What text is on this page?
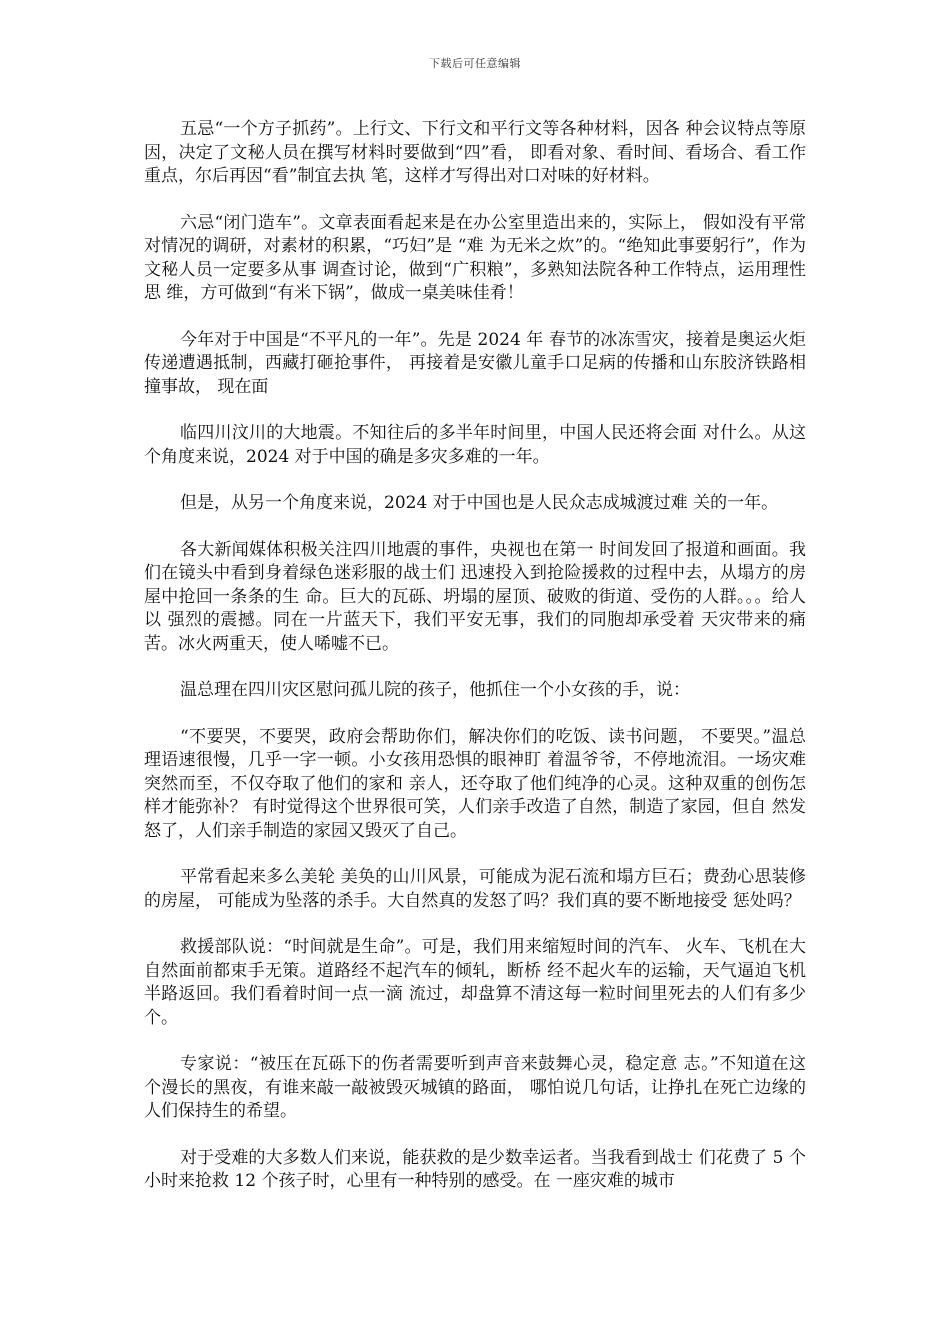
下载后可任意编辑

五忌“一个方子抓药”。上行文、下行文和平行文等各种材料，因各 种会议特点等原因，决定了文秘人员在撰写材料时要做到“四”看， 即看对象、看时间、看场合、看工作重点，尔后再因“看”制宜去执 笔，这样才写得出对口对味的好材料。

六忌“闭门造车”。文章表面看起来是在办公室里造出来的，实际上， 假如没有平常对情况的调研，对素材的积累，“巧妇”是 “难 为无米之炊”的。“绝知此事要躬行”，作为文秘人员一定要多从事 调查讨论，做到“广积粮”，多熟知法院各种工作特点，运用理性思 维，方可做到“有米下锅”，做成一桌美味佳肴！

今年对于中国是“不平凡的一年”。先是 2024 年 春节的冰冻雪灾，接着是奥运火炬传递遭遇抵制，西藏打砸抢事件， 再接着是安徽儿童手口足病的传播和山东胶济铁路相撞事故， 现在面

临四川汶川的大地震。不知往后的多半年时间里，中国人民还将会面 对什么。从这个角度来说，2024 对于中国的确是多灾多难的一年。

但是，从另一个角度来说，2024 对于中国也是人民众志成城渡过难 关的一年。

各大新闻媒体积极关注四川地震的事件，央视也在第一 时间发回了报道和画面。我们在镜头中看到身着绿色迷彩服的战士们 迅速投入到抢险援救的过程中去，从塌方的房屋中抢回一条条的生 命。巨大的瓦砾、坍塌的屋顶、破败的街道、受伤的人群。。。给人以 强烈的震撼。同在一片蓝天下，我们平安无事，我们的同胞却承受着 天灾带来的痛苦。冰火两重天，使人唏嘘不已。

温总理在四川灾区慰问孤儿院的孩子，他抓住一个小女孩的手，说：

“不要哭，不要哭，政府会帮助你们，解决你们的吃饭、读书问题， 不要哭。”温总理语速很慢，几乎一字一顿。小女孩用恐惧的眼神盯 着温爷爷，不停地流泪。一场灾难突然而至，不仅夺取了他们的家和 亲人，还夺取了他们纯净的心灵。这种双重的创伤怎样才能弥补？ 有时觉得这个世界很可笑，人们亲手改造了自然，制造了家园，但自 然发怒了，人们亲手制造的家园又毁灭了自己。

平常看起来多么美轮 美奂的山川风景，可能成为泥石流和塌方巨石；费劲心思装修的房屋， 可能成为坠落的杀手。大自然真的发怒了吗？我们真的要不断地接受 惩处吗？

救援部队说：“时间就是生命”。可是，我们用来缩短时间的汽车、 火车、飞机在大自然面前都束手无策。道路经不起汽车的倾轧，断桥 经不起火车的运输，天气逼迫飞机半路返回。我们看着时间一点一滴 流过，却盘算不清这每一粒时间里死去的人们有多少个。

专家说：“被压在瓦砾下的伤者需要听到声音来鼓舞心灵，稳定意 志。”不知道在这个漫长的黑夜，有谁来敲一敲被毁灭城镇的路面， 哪怕说几句话，让挣扎在死亡边缘的人们保持生的希望。

对于受难的大多数人们来说，能获救的是少数幸运者。当我看到战士 们花费了 5 个小时来抢救 12 个孩子时，心里有一种特别的感受。在 一座灾难的城市
